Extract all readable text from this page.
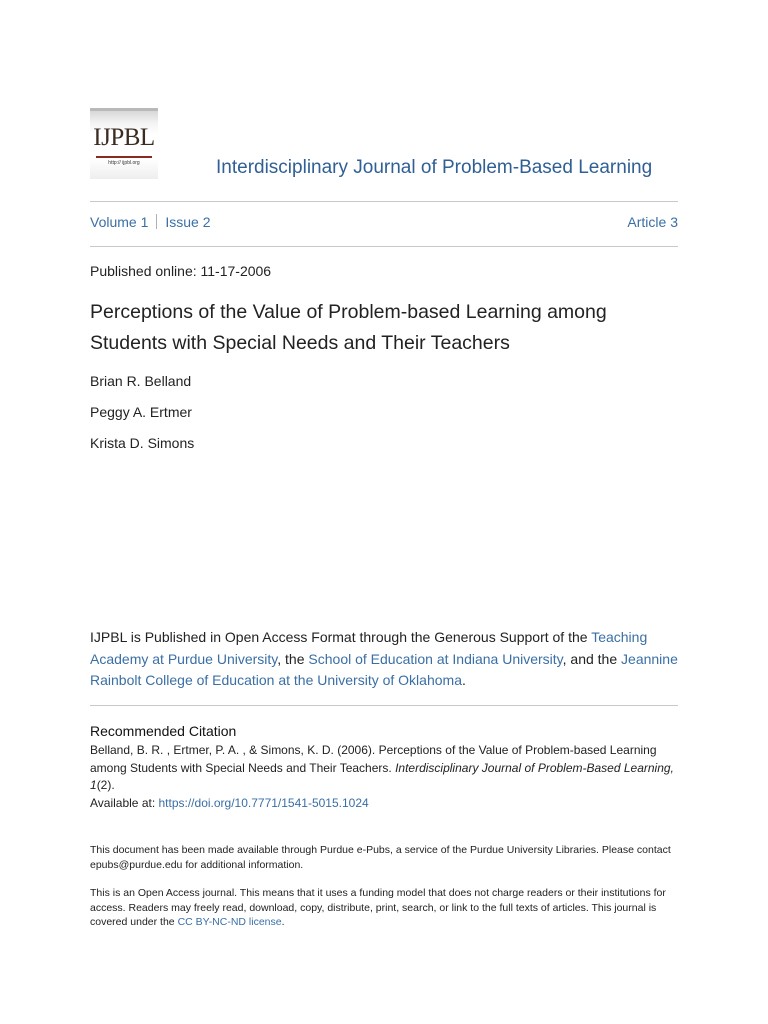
IJPBL
http:// ijpbl.org	Interdisciplinary Journal of Problem-Based Learning
Volume 1 Issue 2	Article 3
Published online: 11-17-2006
Perceptions of the Value of Problem-based Learning among Students with Special Needs and Their Teachers
Brian R. Belland
Peggy A. Ertmer
Krista D. Simons
IJPBL is Published in Open Access Format through the Generous Support of the Teaching Academy at Purdue University, the School of Education at Indiana University, and the Jeannine Rainbolt College of Education at the University of Oklahoma.
Recommended Citation
Belland, B. R. , Ertmer, P. A. , & Simons, K. D. (2006). Perceptions of the Value of Problem-based Learning among Students with Special Needs and Their Teachers. Interdisciplinary Journal of Problem-Based Learning, 1(2).
Available at: https://doi.org/10.7771/1541-5015.1024
This document has been made available through Purdue e-Pubs, a service of the Purdue University Libraries. Please contact epubs@purdue.edu for additional information.
This is an Open Access journal. This means that it uses a funding model that does not charge readers or their institutions for access. Readers may freely read, download, copy, distribute, print, search, or link to the full texts of articles. This journal is covered under the CC BY-NC-ND license.
